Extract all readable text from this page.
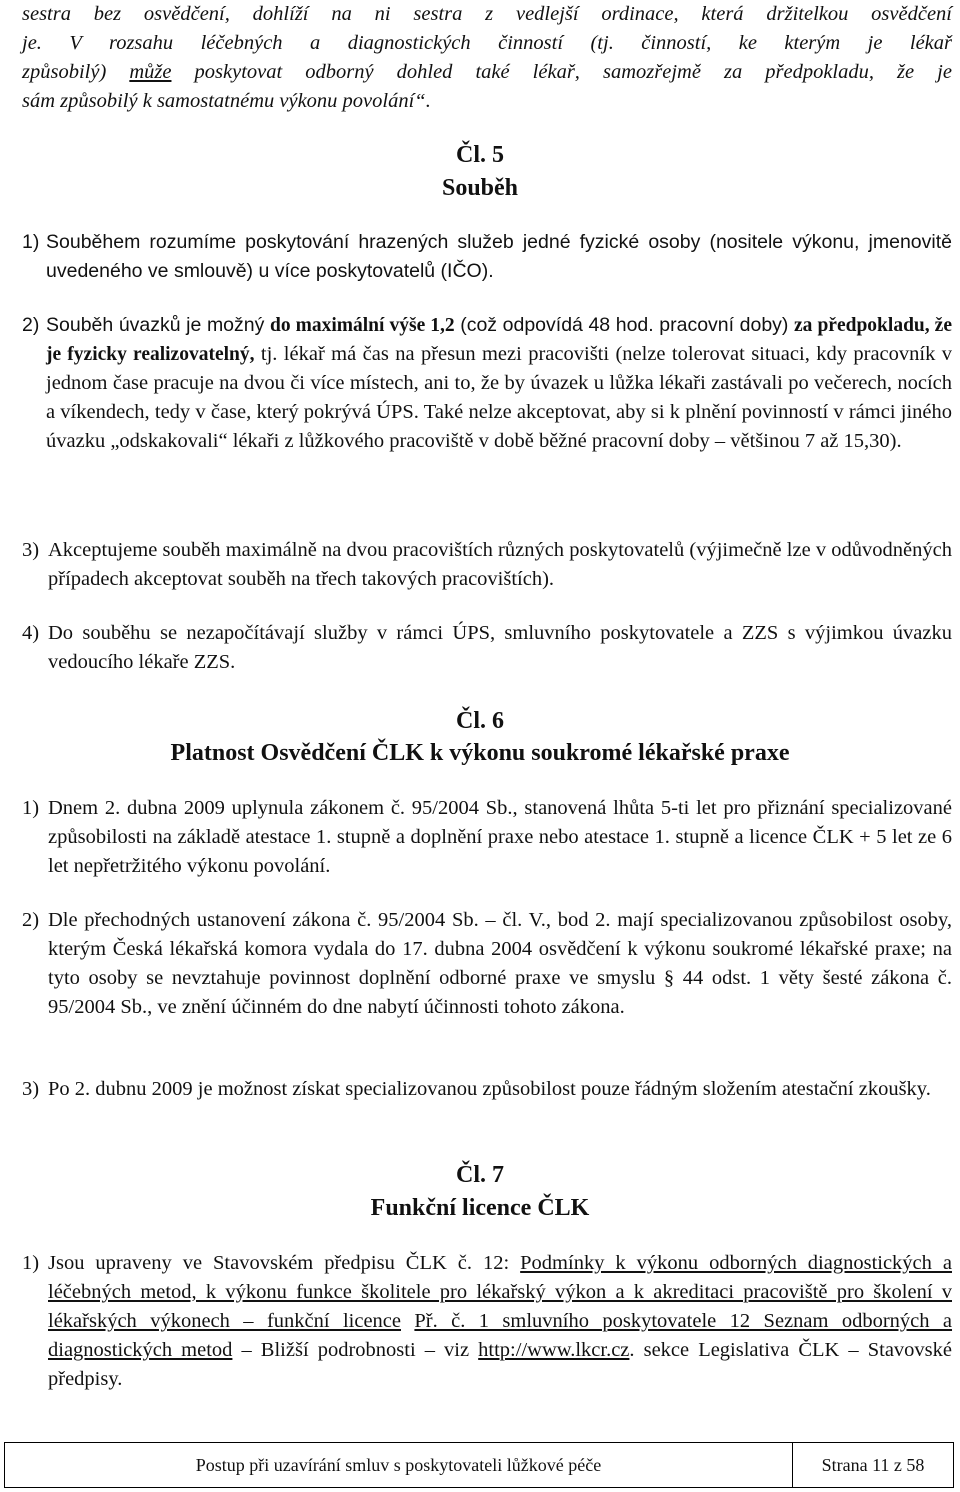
sestra bez osvědčení, dohlíží na ni sestra z vedlejší ordinace, která držitelkou osvědčení
je. V rozsahu léčebných a diagnostických činností (tj. činností, ke kterým je lékař
způsobilý) může poskytovat odborný dohled také lékař, samozřejmě za předpokladu, že je
sám způsobilý k samostatnému výkonu povolání“.
Čl. 5
Souběh
1) Souběhem rozumíme poskytování hrazených služeb jedné fyzické osoby (nositele výkonu, jmenovitě uvedeného ve smlouvě) u více poskytovatelů (IČO).
2) Souběh úvazků je možný do maximální výše 1,2 (což odpovídá 48 hod. pracovní doby) za předpokladu, že je fyzicky realizovatelný, tj. lékař má čas na přesun mezi pracovišti (nelze tolerovat situaci, kdy pracovník v jednom čase pracuje na dvou či více místech, ani to, že by úvazek u lůžka lékaři zastávali po večerech, nocích a víkendech, tedy v čase, který pokrývá ÚPS. Také nelze akceptovat, aby si k plnění povinností v rámci jiného úvazku „odskakovali“ lékaři z lůžkového pracoviště v době běžné pracovní doby – většinou 7 až 15,30).
3) Akceptujeme souběh maximálně na dvou pracovištích různých poskytovatelů (výjimečně lze v odůvodněných případech akceptovat souběh na třech takových pracovištích).
4) Do souběhu se nezapočítávají služby v rámci ÚPS, smluvního poskytovatele a ZZS s výjimkou úvazku vedoucího lékaře ZZS.
Čl. 6
Platnost Osvědčení ČLK k výkonu soukromé lékařské praxe
1) Dnem 2. dubna 2009 uplynula zákonem č. 95/2004 Sb., stanovená lhůta 5-ti let pro přiznání specializované způsobilosti na základě atestace 1. stupně a doplnění praxe nebo atestace 1. stupně a licence ČLK + 5 let ze 6 let nepřetržitého výkonu povolání.
2) Dle přechodných ustanovení zákona č. 95/2004 Sb. – čl. V., bod 2. mají specializovanou způsobilost osoby, kterým Česká lékařská komora vydala do 17. dubna 2004 osvědčení k výkonu soukromé lékařské praxe; na tyto osoby se nevztahuje povinnost doplnění odborné praxe ve smyslu § 44 odst. 1 věty šesté zákona č. 95/2004 Sb., ve znění účinném do dne nabytí účinnosti tohoto zákona.
3) Po 2. dubnu 2009 je možnost získat specializovanou způsobilost pouze řádným složením atestační zkoušky.
Čl. 7
Funkční licence ČLK
1) Jsou upraveny ve Stavovském předpisu ČLK č. 12: Podmínky k výkonu odborných diagnostických a léčebných metod, k výkonu funkce školitele pro lékařský výkon a k akreditaci pracoviště pro školení v lékařských výkonech – funkční licence Př. č. 1 smluvního poskytovatele 12 Seznam odborných a diagnostických metod – Bližší podrobnosti – viz http://www.lkcr.cz. sekce Legislativa ČLK – Stavovské předpisy.
Postup při uzavírání smluv s poskytovateli lůžkové péče	Strana 11 z 58
